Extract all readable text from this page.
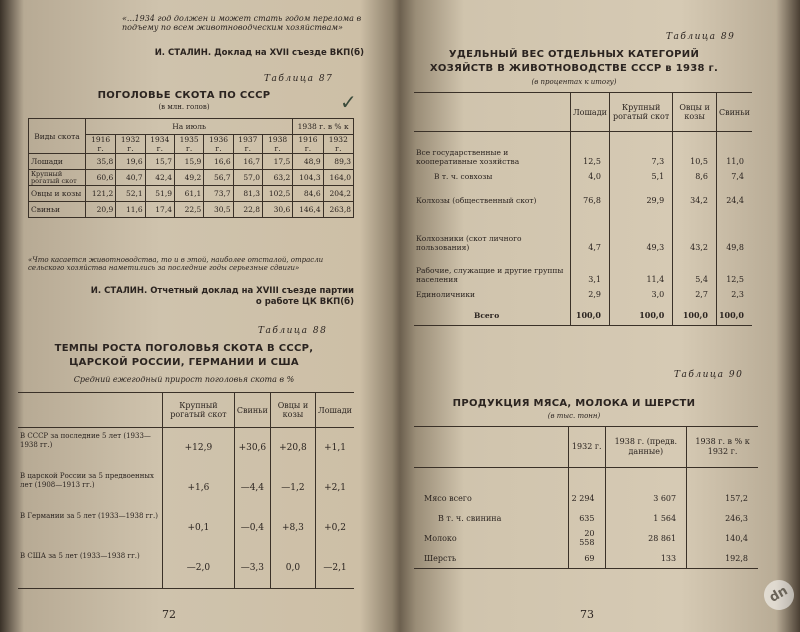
«...1934 год должен и может стать годом перелома в подъему по всем животноводческим хозяйствам»
И. СТАЛИН. Доклад на XVII съезде ВКП(б)
Таблица 87
ПОГОЛОВЬЕ СКОТА ПО СССР
(в млн. голов)
Виды скота	На июль							1938 г. в % к	
	1916 г.	1932 г.	1934 г.	1935 г.	1936 г.	1937 г.	1938 г.	1916 г.	1932 г.
Лошади	35,8	19,6	15,7	15,9	16,6	16,7	17,5	48,9	89,3
Крупный рогатый скот	60,6	40,7	42,4	49,2	56,7	57,0	63,2	104,3	164,0
Овцы и козы	121,2	52,1	51,9	61,1	73,7	81,3	102,5	84,6	204,2
Свиньи	20,9	11,6	17,4	22,5	30,5	22,8	30,6	146,4	263,8
«Что касается животноводства, то и в этой, наиболее отсталой, отрасли сельского хозяйства наметились за последние годы серьезные сдвиги»
И. СТАЛИН. Отчетный доклад на XVIII съезде партии о работе ЦК ВКП(б)
Таблица 88
ТЕМПЫ РОСТА ПОГОЛОВЬЯ СКОТА В СССР, ЦАРСКОЙ РОССИИ, ГЕРМАНИИ И США
Средний ежегодный прирост поголовья скота в %
	Крупный рогатый скот	Свиньи	Овцы и козы	Лошади
В СССР за последние 5 лет (1933—1938 гг.)	+12,9	+30,6	+20,8	+1,1
В царской России за 5 предвоенных лет (1908—1913 гг.)	+1,6	—4,4	—1,2	+2,1
В Германии за 5 лет (1933—1938 гг.)	+0,1	—0,4	+8,3	+0,2
В США за 5 лет (1933—1938 гг.)	—2,0	—3,3	0,0	—2,1
72
✓
Таблица 89
УДЕЛЬНЫЙ ВЕС ОТДЕЛЬНЫХ КАТЕГОРИЙ ХОЗЯЙСТВ В ЖИВОТНОВОДСТВЕ СССР в 1938 г.
(в процентах к итогу)
	Лошади	Крупный рогатый скот	Овцы и козы	Свиньи
Все государственные и кооперативные хозяйства	12,5	7,3	10,5	11,0
В т. ч. совхозы	4,0	5,1	8,6	7,4
Колхозы (общественный скот)	76,8	29,9	34,2	24,4
Колхозники (скот личного пользования)	4,7	49,3	43,2	49,8
Рабочие, служащие и другие группы населения	3,1	11,4	5,4	12,5
Единоличники	2,9	3,0	2,7	2,3
Всего	100,0	100,0	100,0	100,0
Таблица 90
ПРОДУКЦИЯ МЯСА, МОЛОКА И ШЕРСТИ
(в тыс. тонн)
	1932 г.	1938 г. (предв. данные)	1938 г. в % к 1932 г.

Мясо всего	2 294	3 607	157,2
В т. ч. свинина	635	1 564	246,3
Молоко	20 558	28 861	140,4
Шерсть	69	133	192,8
73
dn
